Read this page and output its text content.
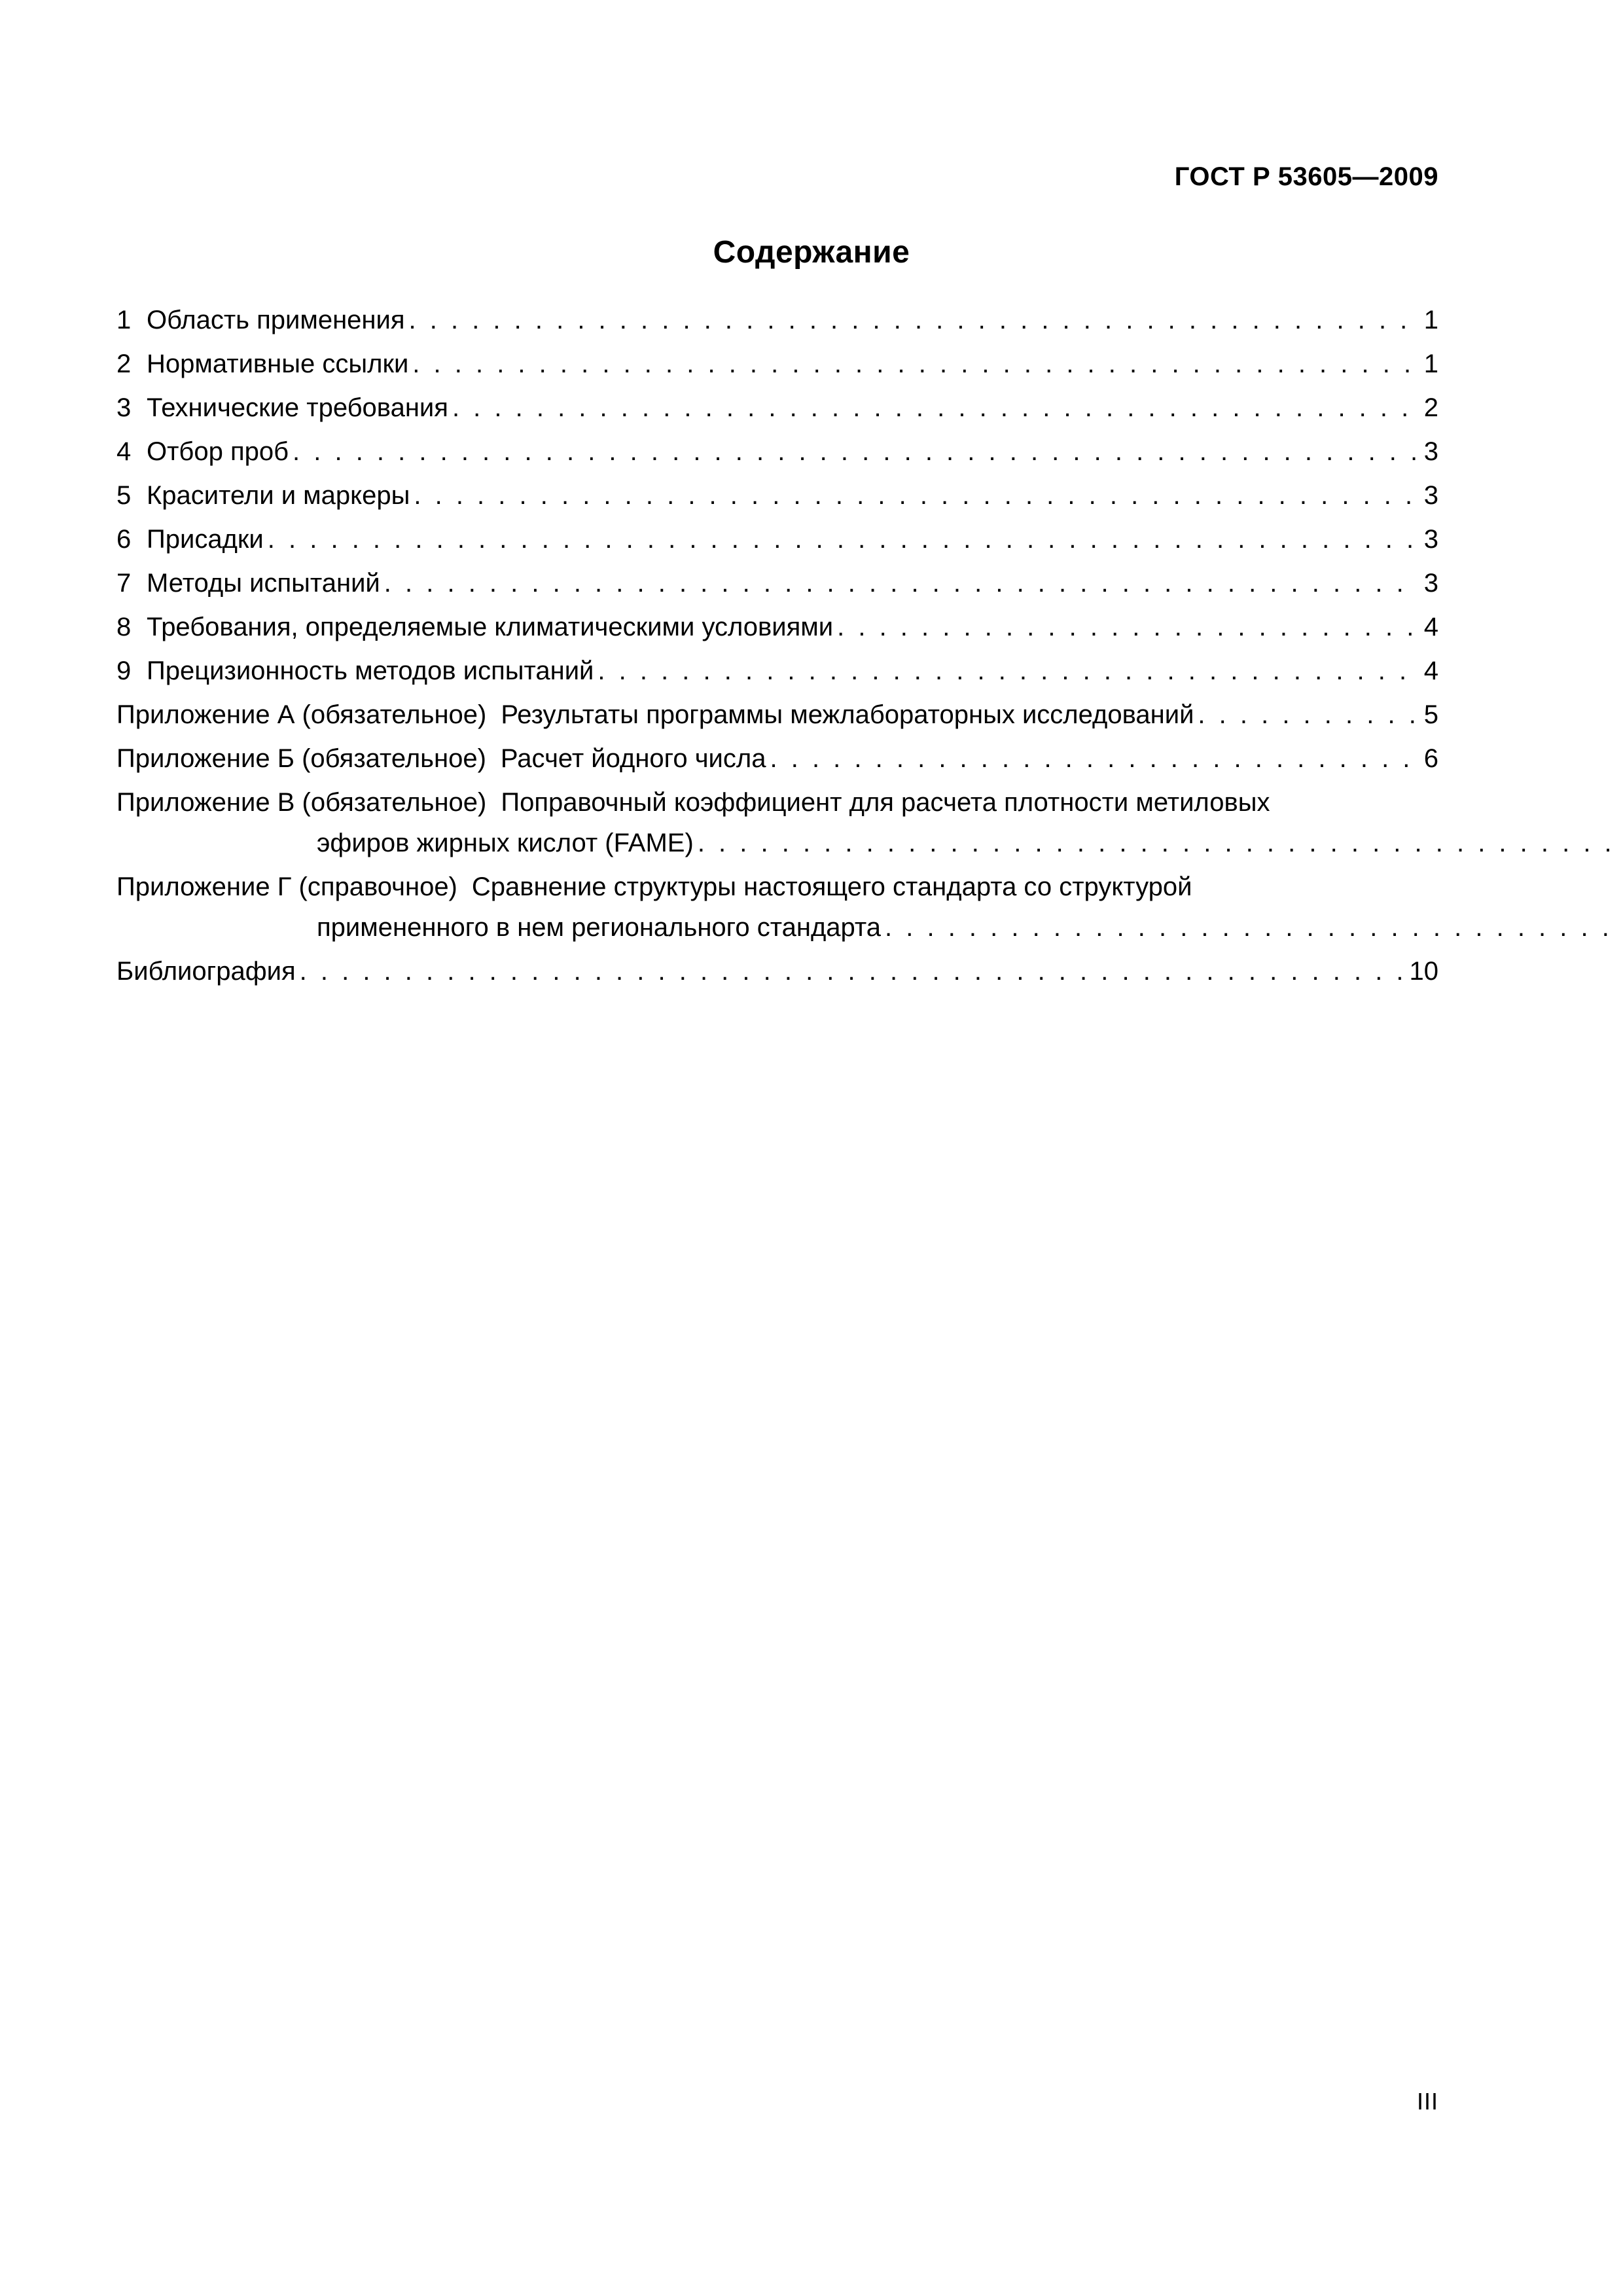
ГОСТ Р 53605—2009
Содержание
1 Область применения . . .	1
2 Нормативные ссылки . . .	1
3 Технические требования . . .	2
4 Отбор проб . . .	3
5 Красители и маркеры . . .	3
6 Присадки . . .	3
7 Методы испытаний . . .	3
8 Требования, определяемые климатическими условиями . . .	4
9 Прецизионность методов испытаний . . .	4
Приложение А (обязательное) Результаты программы межлабораторных исследований . . .	5
Приложение Б (обязательное) Расчет йодного числа . . .	6
Приложение В (обязательное) Поправочный коэффициент для расчета плотности метиловых
эфиров жирных кислот (FAME)
. . .
Приложение Г (справочное) Сравнение структуры настоящего стандарта со структурой
примененного в нем регионального стандарта
. . .
Библиография . . .	10
III
